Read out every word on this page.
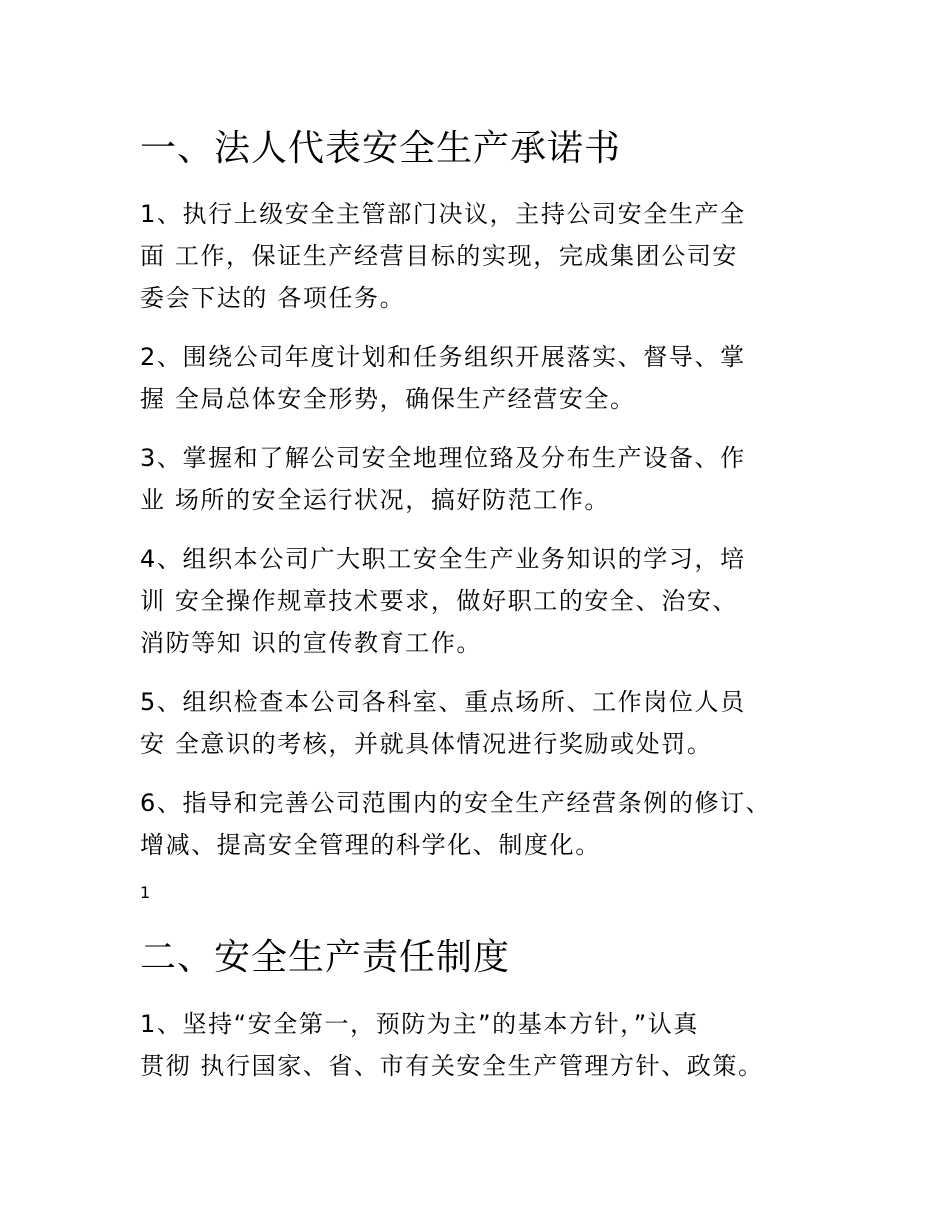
一、法人代表安全生产承诺书
1、执行上级安全主管部门决议，主持公司安全生产全
面 工作，保证生产经营目标的实现，完成集团公司安
委会下达的 各项任务。
2、围绕公司年度计划和任务组织开展落实、督导、掌
握 全局总体安全形势，确保生产经营安全。
3、掌握和了解公司安全地理位臵及分布生产设备、作
业 场所的安全运行状况，搞好防范工作。
4、组织本公司广大职工安全生产业务知识的学习，培
训 安全操作规章技术要求，做好职工的安全、治安、
消防等知 识的宣传教育工作。
5、组织检查本公司各科室、重点场所、工作岗位人员
安 全意识的考核，并就具体情况进行奖励或处罚。
6、指导和完善公司范围内的安全生产经营条例的修订、
增减、提高安全管理的科学化、制度化。
1
二、安全生产责任制度
1、坚持“安全第一，预防为主”的基本方针，”认真
贯彻 执行国家、省、市有关安全生产管理方针、政策。
